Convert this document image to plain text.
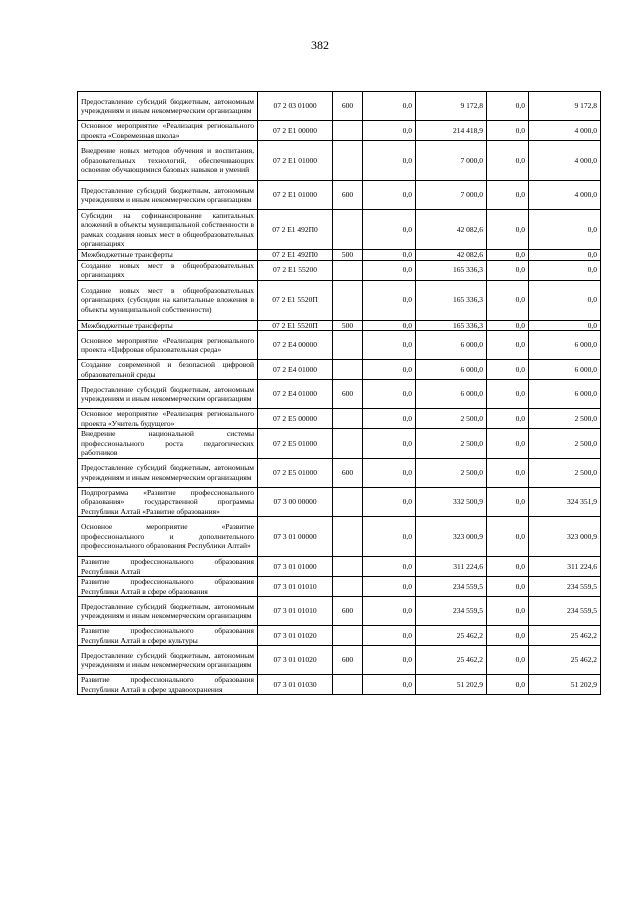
382
Предоставление субсидий бюджетным, автономным учреждениям и иным некоммерческим организациям	07 2 03 01000	600	0,0	9 172,8	0,0	9 172,8
Основное мероприятие «Реализация регионального проекта «Современная школа»	07 2 E1 00000		0,0	214 418,9	0,0	4 000,0
Внедрение новых методов обучения и воспитания, образовательных технологий, обеспечивающих освоение обучающимися базовых навыков и умений	07 2 E1 01000		0,0	7 000,0	0,0	4 000,0
Предоставление субсидий бюджетным, автономным учреждениям и иным некоммерческим организациям	07 2 E1 01000	600	0,0	7 000,0	0,0	4 000,0
Субсидии на софинансирование капитальных вложений в объекты муниципальной собственности в рамках создания новых мест в общеобразовательных организациях	07 2 E1 492П0		0,0	42 082,6	0,0	0,0
Межбюджетные трансферты	07 2 E1 492П0	500	0,0	42 082,6	0,0	0,0
Создание новых мест в общеобразовательных организациях	07 2 E1 55200		0,0	165 336,3	0,0	0,0
Создание новых мест в общеобразовательных организациях (субсидии на капитальные вложения в объекты муниципальной собственности)	07 2 E1 5520П		0,0	165 336,3	0,0	0,0
Межбюджетные трансферты	07 2 E1 5520П	500	0,0	165 336,3	0,0	0,0
Основное мероприятие «Реализация регионального проекта «Цифровая образовательная среда»	07 2 E4 00000		0,0	6 000,0	0,0	6 000,0
Создание современной и безопасной цифровой образовательной среды	07 2 E4 01000		0,0	6 000,0	0,0	6 000,0
Предоставление субсидий бюджетным, автономным учреждениям и иным некоммерческим организациям	07 2 E4 01000	600	0,0	6 000,0	0,0	6 000,0
Основное мероприятие «Реализация регионального проекта «Учитель будущего»	07 2 E5 00000		0,0	2 500,0	0,0	2 500,0
Внедрение национальной системы профессионального роста педагогических работников	07 2 E5 01000		0,0	2 500,0	0,0	2 500,0
Предоставление субсидий бюджетным, автономным учреждениям и иным некоммерческим организациям	07 2 E5 01000	600	0,0	2 500,0	0,0	2 500,0
Подпрограмма «Развитие профессионального образования» государственной программы Республики Алтай «Развитие образования»	07 3 00 00000		0,0	332 500,9	0,0	324 351,9
Основное мероприятие «Развитие профессионального и дополнительного профессионального образования Республики Алтай»	07 3 01 00000		0,0	323 000,9	0,0	323 000,9
Развитие профессионального образования Республики Алтай	07 3 01 01000		0,0	311 224,6	0,0	311 224,6
Развитие профессионального образования Республики Алтай в сфере образования	07 3 01 01010		0,0	234 559,5	0,0	234 559,5
Предоставление субсидий бюджетным, автономным учреждениям и иным некоммерческим организациям	07 3 01 01010	600	0,0	234 559,5	0,0	234 559,5
Развитие профессионального образования Республики Алтай в сфере культуры	07 3 01 01020		0,0	25 462,2	0,0	25 462,2
Предоставление субсидий бюджетным, автономным учреждениям и иным некоммерческим организациям	07 3 01 01020	600	0,0	25 462,2	0,0	25 462,2
Развитие профессионального образования Республики Алтай в сфере здравоохранения	07 3 01 01030		0,0	51 202,9	0,0	51 202,9
